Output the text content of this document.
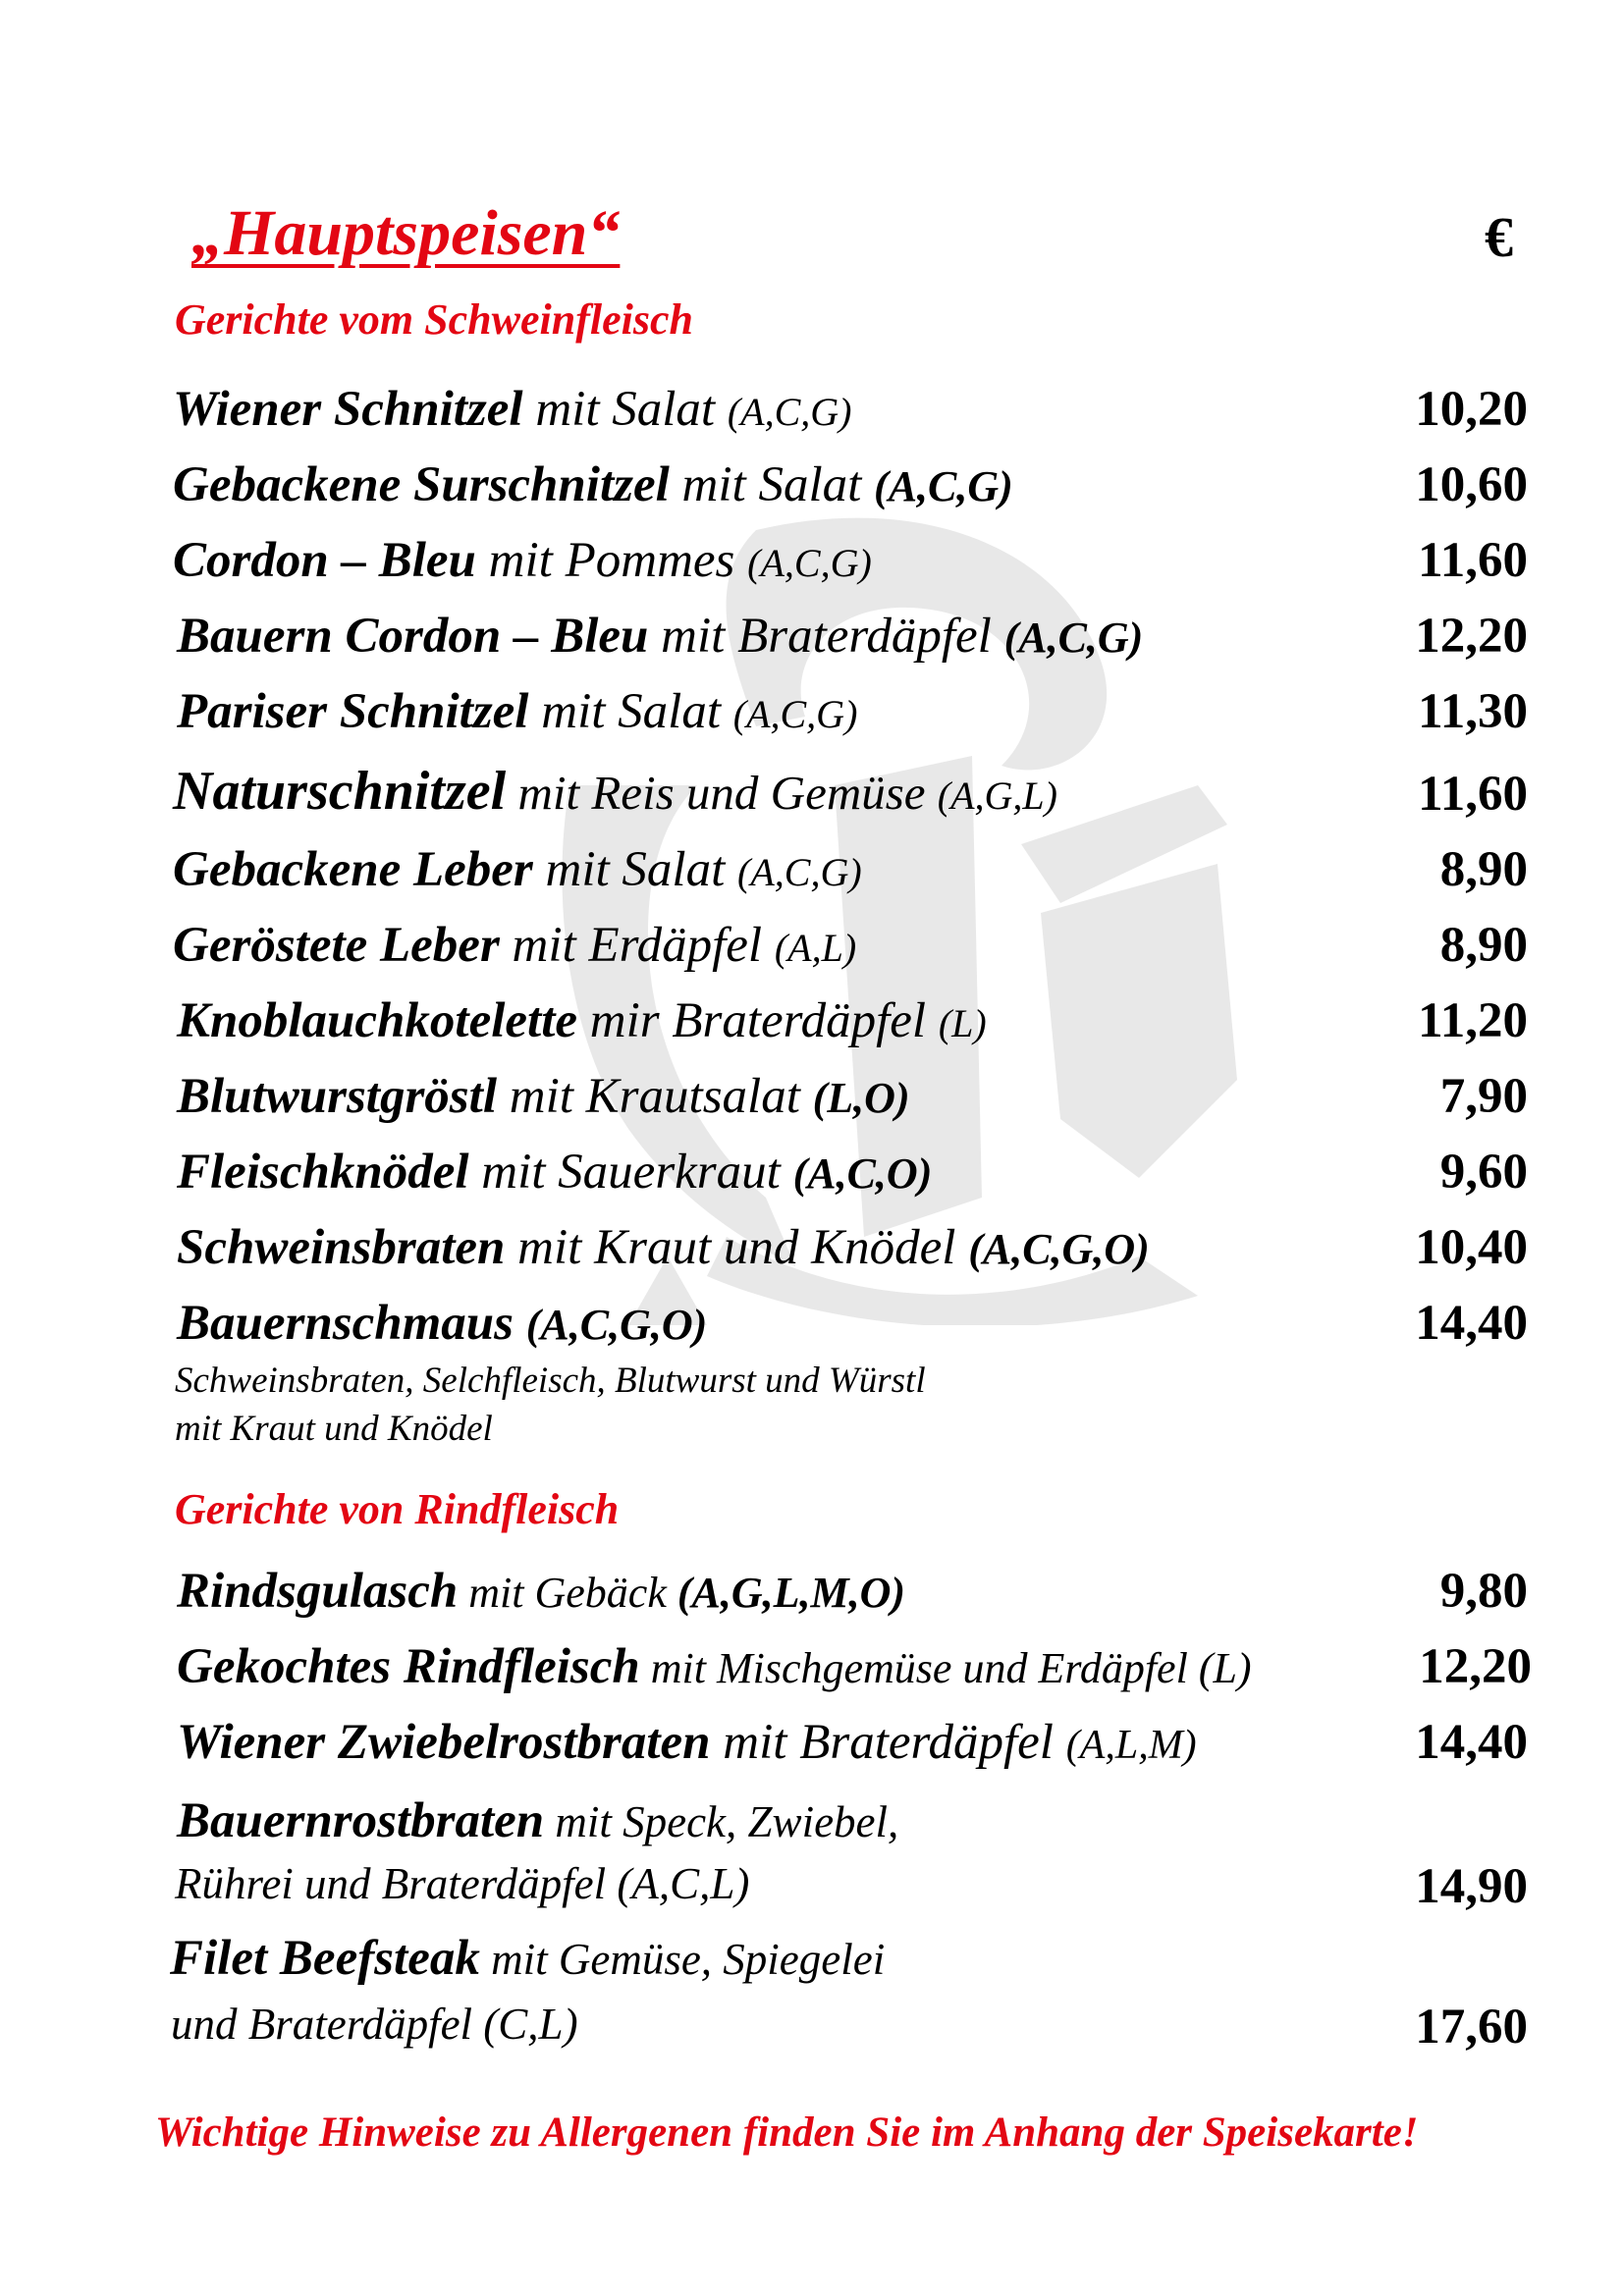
„Hauptspeisen“	€
Gerichte vom Schweinfleisch
Wiener Schnitzel mit Salat (A,C,G)	10,20
Gebackene Surschnitzel mit Salat (A,C,G)	10,60
Cordon – Bleu mit Pommes (A,C,G)	11,60
Bauern Cordon – Bleu mit Braterdäpfel (A,C,G)	12,20
Pariser Schnitzel mit Salat (A,C,G)	11,30
Naturschnitzel mit Reis und Gemüse (A,G,L)	11,60
Gebackene Leber mit Salat (A,C,G)	8,90
Geröstete Leber mit Erdäpfel (A,L)	8,90
Knoblauchkotelette mir Braterdäpfel (L)	11,20
Blutwurstgröstl mit Krautsalat (L,O)	7,90
Fleischknödel mit Sauerkraut (A,C,O)	9,60
Schweinsbraten mit Kraut und Knödel (A,C,G,O)	10,40
Bauernschmaus (A,C,G,O)	14,40
Schweinsbraten, Selchfleisch, Blutwurst und Würstl
mit Kraut und Knödel
Gerichte von Rindfleisch
Rindsgulasch mit Gebäck (A,G,L,M,O)	9,80
Gekochtes Rindfleisch mit Mischgemüse und Erdäpfel (L)	12,20
Wiener Zwiebelrostbraten mit Braterdäpfel (A,L,M)	14,40
Bauernrostbraten mit Speck, Zwiebel,
Rührei und Braterdäpfel (A,C,L)	14,90
Filet Beefsteak mit Gemüse, Spiegelei
und Braterdäpfel (C,L)	17,60
Wichtige Hinweise zu Allergenen finden Sie im Anhang der Speisekarte!
